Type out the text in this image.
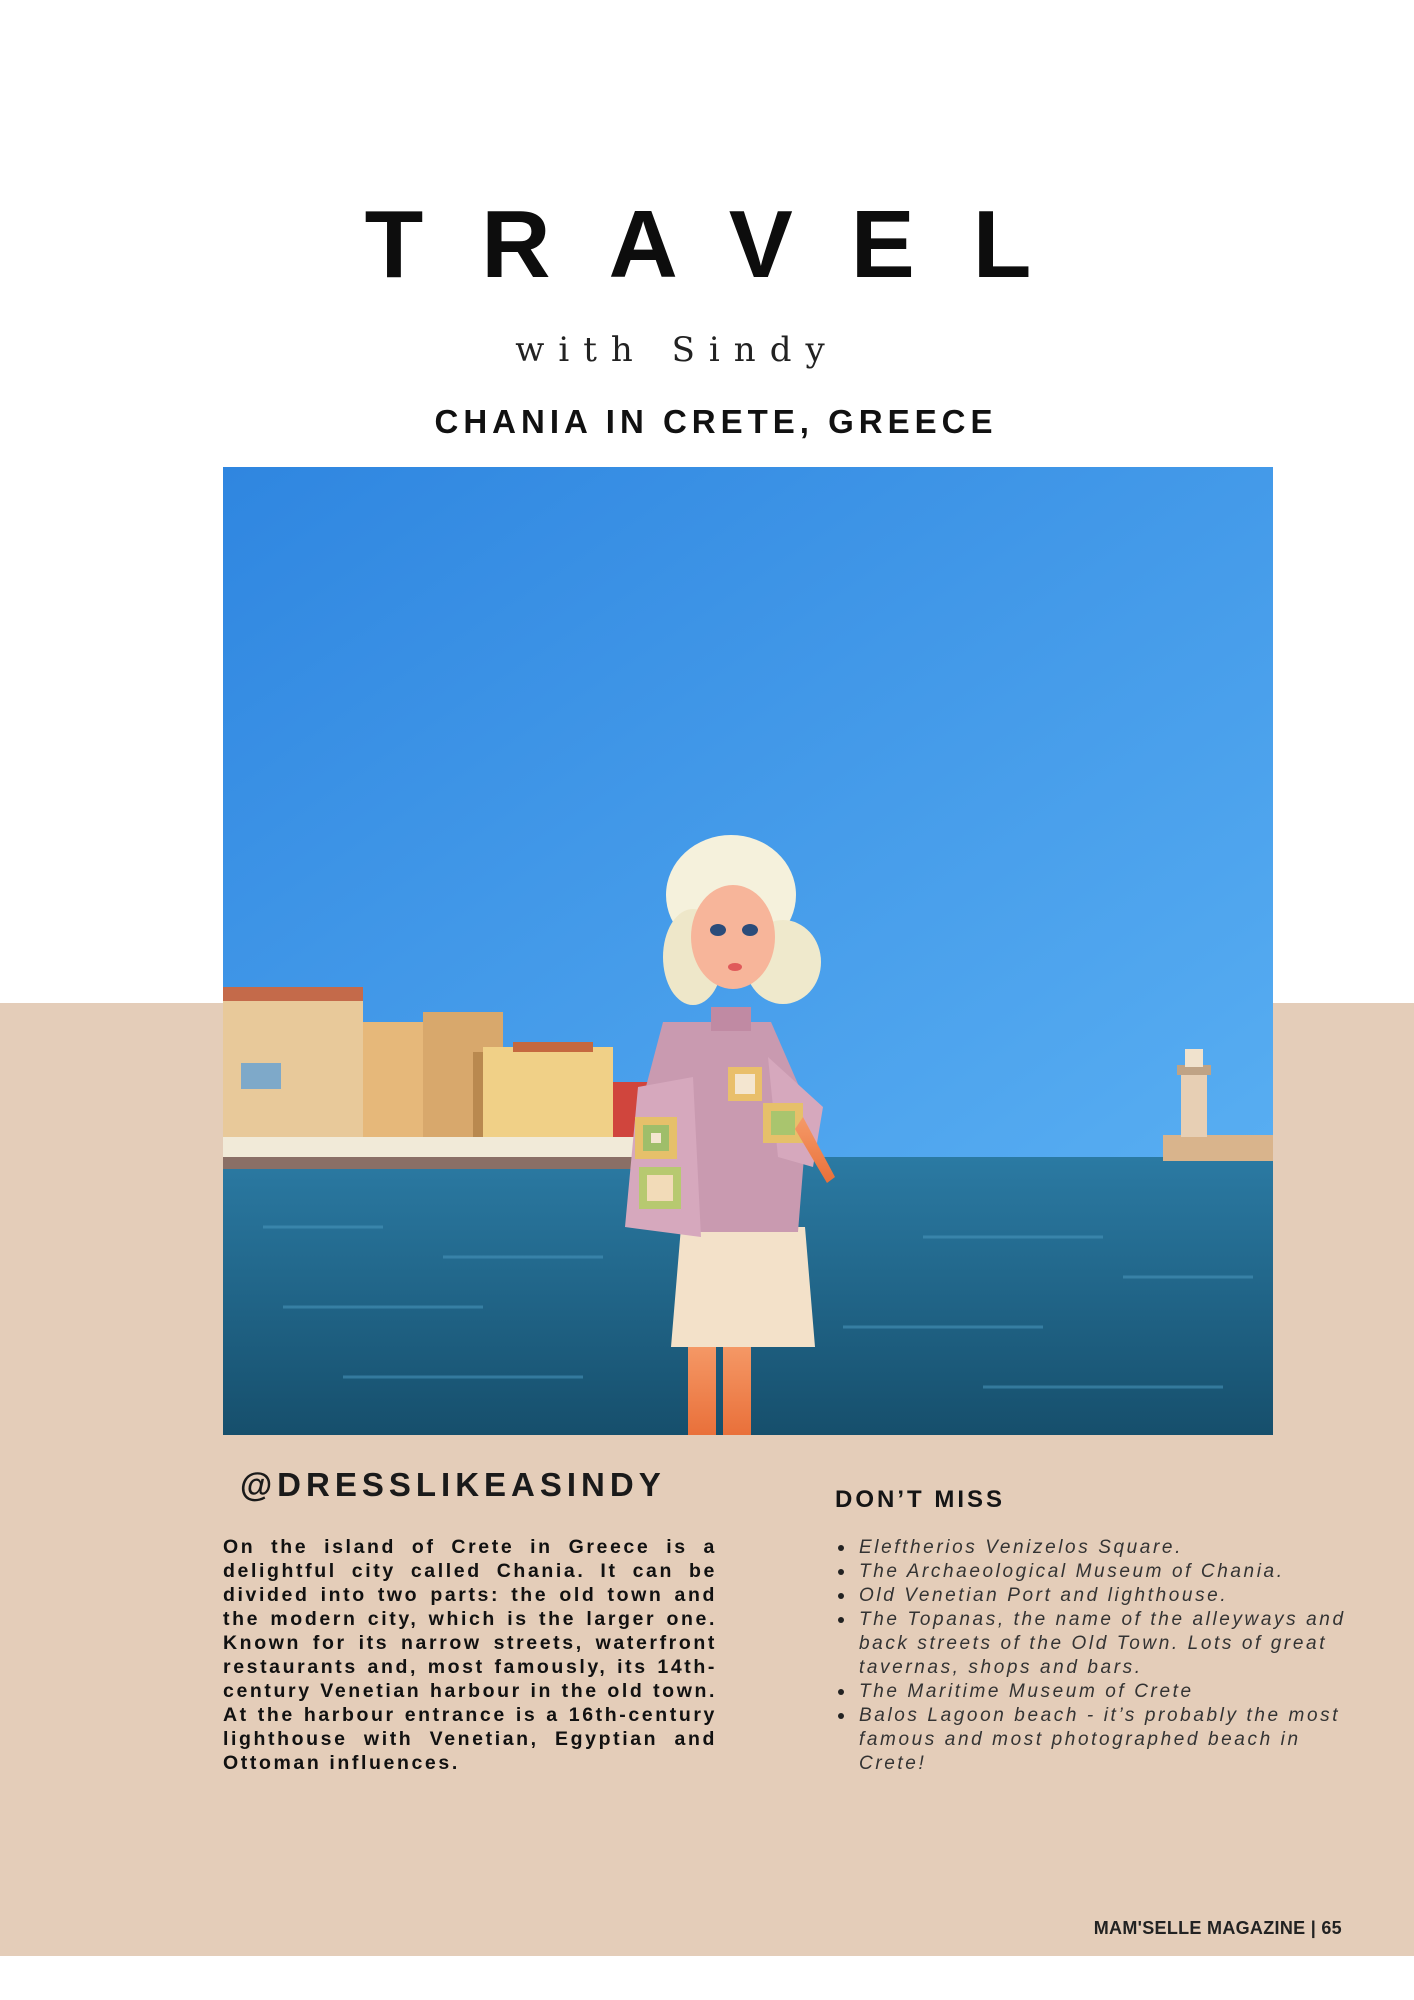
TRAVEL
with Sindy
CHANIA IN CRETE, GREECE
@DRESSLIKEASINDY

On the island of Crete in Greece is a delightful city called Chania. It can be divided into two parts: the old town and the modern city, which is the larger one. Known for its narrow streets, waterfront restaurants and, most famously, its 14th-century Venetian harbour in the old town. At the harbour entrance is a 16th-century lighthouse with Venetian, Egyptian and Ottoman influences.

DON’T MISS
Eleftherios Venizelos Square.
The Archaeological Museum of Chania.
Old Venetian Port and lighthouse.
The Topanas, the name of the alleyways and back streets of the Old Town. Lots of great tavernas, shops and bars.
The Maritime Museum of Crete
Balos Lagoon beach - it’s probably the most famous and most photographed beach in Crete!
MAM'SELLE MAGAZINE | 65
